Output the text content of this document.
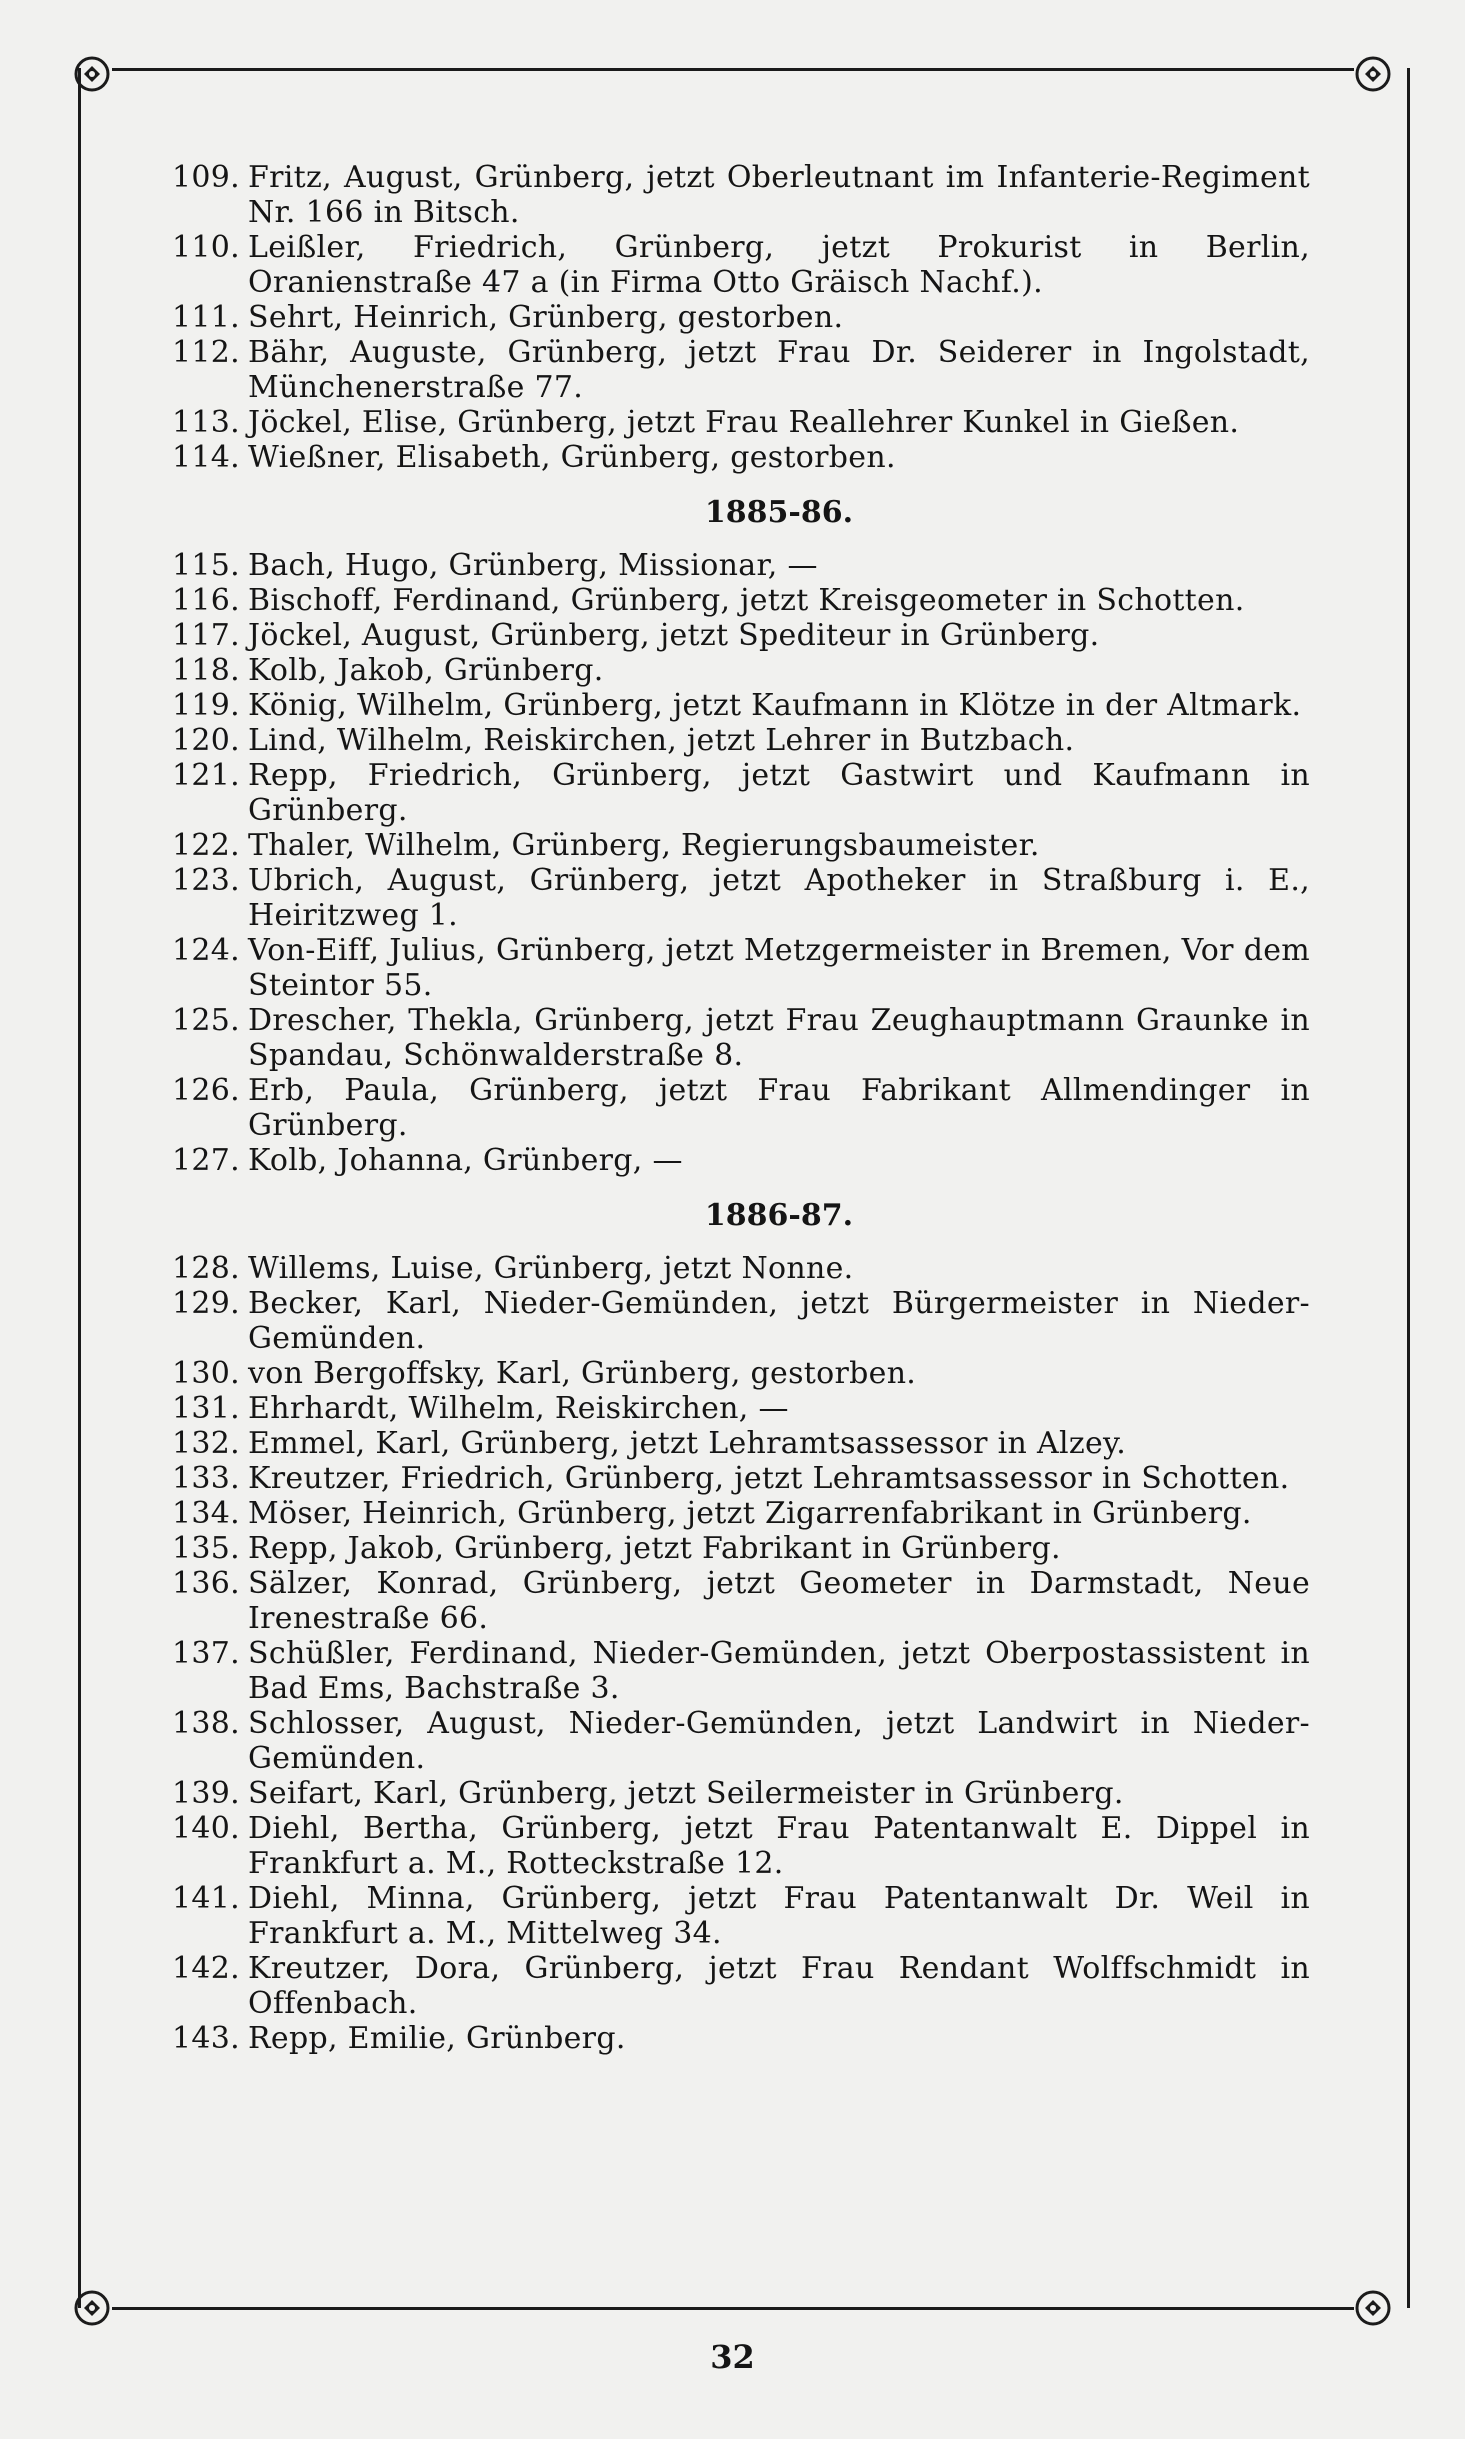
109. Fritz, August, Grünberg, jetzt Oberleutnant im Infanterie-Regiment Nr. 166 in Bitsch.
110. Leißler, Friedrich, Grünberg, jetzt Prokurist in Berlin, Oranienstraße 47 a (in Firma Otto Gräisch Nachf.).
111. Sehrt, Heinrich, Grünberg, gestorben.
112. Bähr, Auguste, Grünberg, jetzt Frau Dr. Seiderer in Ingolstadt, Münchenerstraße 77.
113. Jöckel, Elise, Grünberg, jetzt Frau Reallehrer Kunkel in Gießen.
114. Wießner, Elisabeth, Grünberg, gestorben.
1885-86.
115. Bach, Hugo, Grünberg, Missionar, —
116. Bischoff, Ferdinand, Grünberg, jetzt Kreisgeometer in Schotten.
117. Jöckel, August, Grünberg, jetzt Spediteur in Grünberg.
118. Kolb, Jakob, Grünberg.
119. König, Wilhelm, Grünberg, jetzt Kaufmann in Klötze in der Altmark.
120. Lind, Wilhelm, Reiskirchen, jetzt Lehrer in Butzbach.
121. Repp, Friedrich, Grünberg, jetzt Gastwirt und Kaufmann in Grünberg.
122. Thaler, Wilhelm, Grünberg, Regierungsbaumeister.
123. Ubrich, August, Grünberg, jetzt Apotheker in Straßburg i. E., Heiritzweg 1.
124. Von-Eiff, Julius, Grünberg, jetzt Metzgermeister in Bremen, Vor dem Steintor 55.
125. Drescher, Thekla, Grünberg, jetzt Frau Zeughauptmann Graunke in Spandau, Schönwalderstraße 8.
126. Erb, Paula, Grünberg, jetzt Frau Fabrikant Allmendinger in Grünberg.
127. Kolb, Johanna, Grünberg, —
1886-87.
128. Willems, Luise, Grünberg, jetzt Nonne.
129. Becker, Karl, Nieder-Gemünden, jetzt Bürgermeister in Nieder-Gemünden.
130. von Bergoffsky, Karl, Grünberg, gestorben.
131. Ehrhardt, Wilhelm, Reiskirchen, —
132. Emmel, Karl, Grünberg, jetzt Lehramtsassessor in Alzey.
133. Kreutzer, Friedrich, Grünberg, jetzt Lehramtsassessor in Schotten.
134. Möser, Heinrich, Grünberg, jetzt Zigarrenfabrikant in Grünberg.
135. Repp, Jakob, Grünberg, jetzt Fabrikant in Grünberg.
136. Sälzer, Konrad, Grünberg, jetzt Geometer in Darmstadt, Neue Irenestraße 66.
137. Schüßler, Ferdinand, Nieder-Gemünden, jetzt Oberpostassistent in Bad Ems, Bachstraße 3.
138. Schlosser, August, Nieder-Gemünden, jetzt Landwirt in Nieder-Gemünden.
139. Seifart, Karl, Grünberg, jetzt Seilermeister in Grünberg.
140. Diehl, Bertha, Grünberg, jetzt Frau Patentanwalt E. Dippel in Frankfurt a. M., Rotteckstraße 12.
141. Diehl, Minna, Grünberg, jetzt Frau Patentanwalt Dr. Weil in Frankfurt a. M., Mittelweg 34.
142. Kreutzer, Dora, Grünberg, jetzt Frau Rendant Wolffschmidt in Offenbach.
143. Repp, Emilie, Grünberg.
32
